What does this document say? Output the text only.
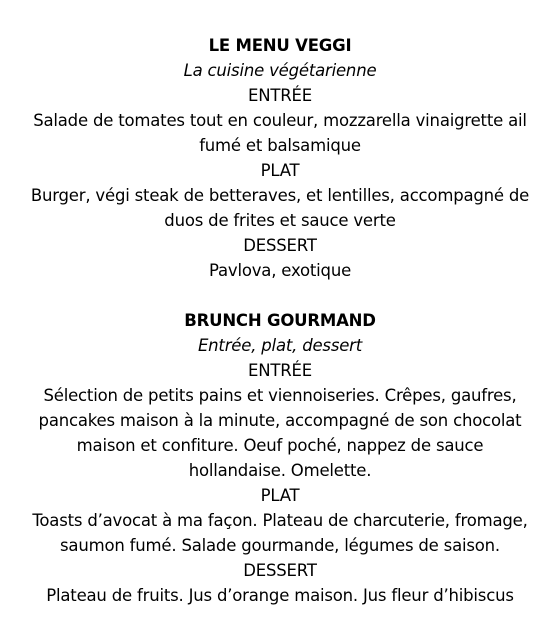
LE MENU VEGGI

La cuisine végétarienne

ENTRÉE

Salade de tomates tout en couleur, mozzarella vinaigrette ail

fumé et balsamique

PLAT

Burger, végi steak de betteraves, et lentilles, accompagné de

duos de frites et sauce verte

DESSERT

Pavlova, exotique

BRUNCH GOURMAND

Entrée, plat, dessert

ENTRÉE

Sélection de petits pains et viennoiseries. Crêpes, gaufres,

pancakes maison à la minute, accompagné de son chocolat

maison et confiture. Oeuf poché, nappez de sauce

hollandaise. Omelette.

PLAT

Toasts d’avocat à ma façon. Plateau de charcuterie, fromage,

saumon fumé. Salade gourmande, légumes de saison.

DESSERT

Plateau de fruits. Jus d’orange maison. Jus fleur d’hibiscus
